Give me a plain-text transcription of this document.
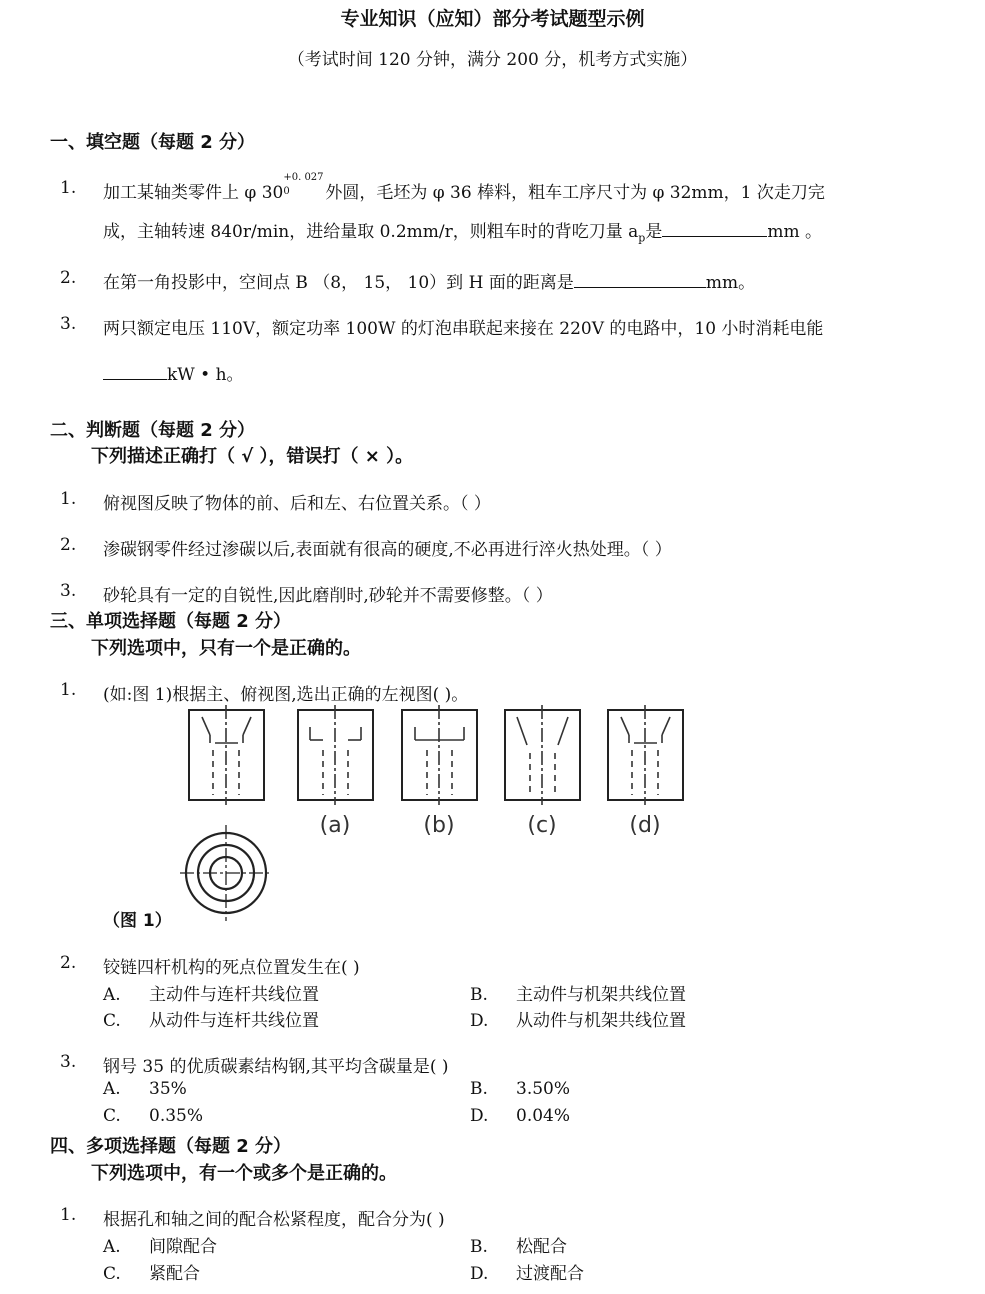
专业知识（应知）部分考试题型示例
（考试时间 120 分钟，满分 200 分，机考方式实施）
一、填空题（每题 2 分）
1. 加工某轴类零件上 φ 30
+0. 027
0 外圆，毛坯为 φ 36 棒料，粗车工序尺寸为 φ 32mm，1 次走刀完
成，主轴转速 840r/min，进给量取 0.2mm/r，则粗车时的背吃刀量 $a_p$是	mm 。
2. 在第一角投影中，空间点 B （8， 15， 10）到 H 面的距离是	mm。
3. 两只额定电压 110V，额定功率 100W 的灯泡串联起来接在 220V 的电路中，10 小时消耗电能
kW • h。
二、判断题（每题 2 分）
下列描述正确打（ √ ），错误打（ × ）。
1. 俯视图反映了物体的前、后和左、右位置关系。（ ）
2. 渗碳钢零件经过渗碳以后,表面就有很高的硬度,不必再进行淬火热处理。（ ）
3. 砂轮具有一定的自锐性,因此磨削时,砂轮并不需要修整。（ ）
三、单项选择题（每题 2 分）
下列选项中，只有一个是正确的。
1. (如:图 1)根据主、俯视图,选出正确的左视图( )。
(a)	(b)	(c)	(d)
（图 1）
2. 铰链四杆机构的死点位置发生在( )
A. 主动件与连杆共线位置	B. 主动件与机架共线位置
C. 从动件与连杆共线位置	D. 从动件与机架共线位置
3. 钢号 35 的优质碳素结构钢,其平均含碳量是( )
A. 35%	B. 3.50%
C. 0.35%	D. 0.04%
四、多项选择题（每题 2 分）
下列选项中，有一个或多个是正确的。
1. 根据孔和轴之间的配合松紧程度，配合分为( )
A. 间隙配合	B. 松配合
C. 紧配合	D. 过渡配合
